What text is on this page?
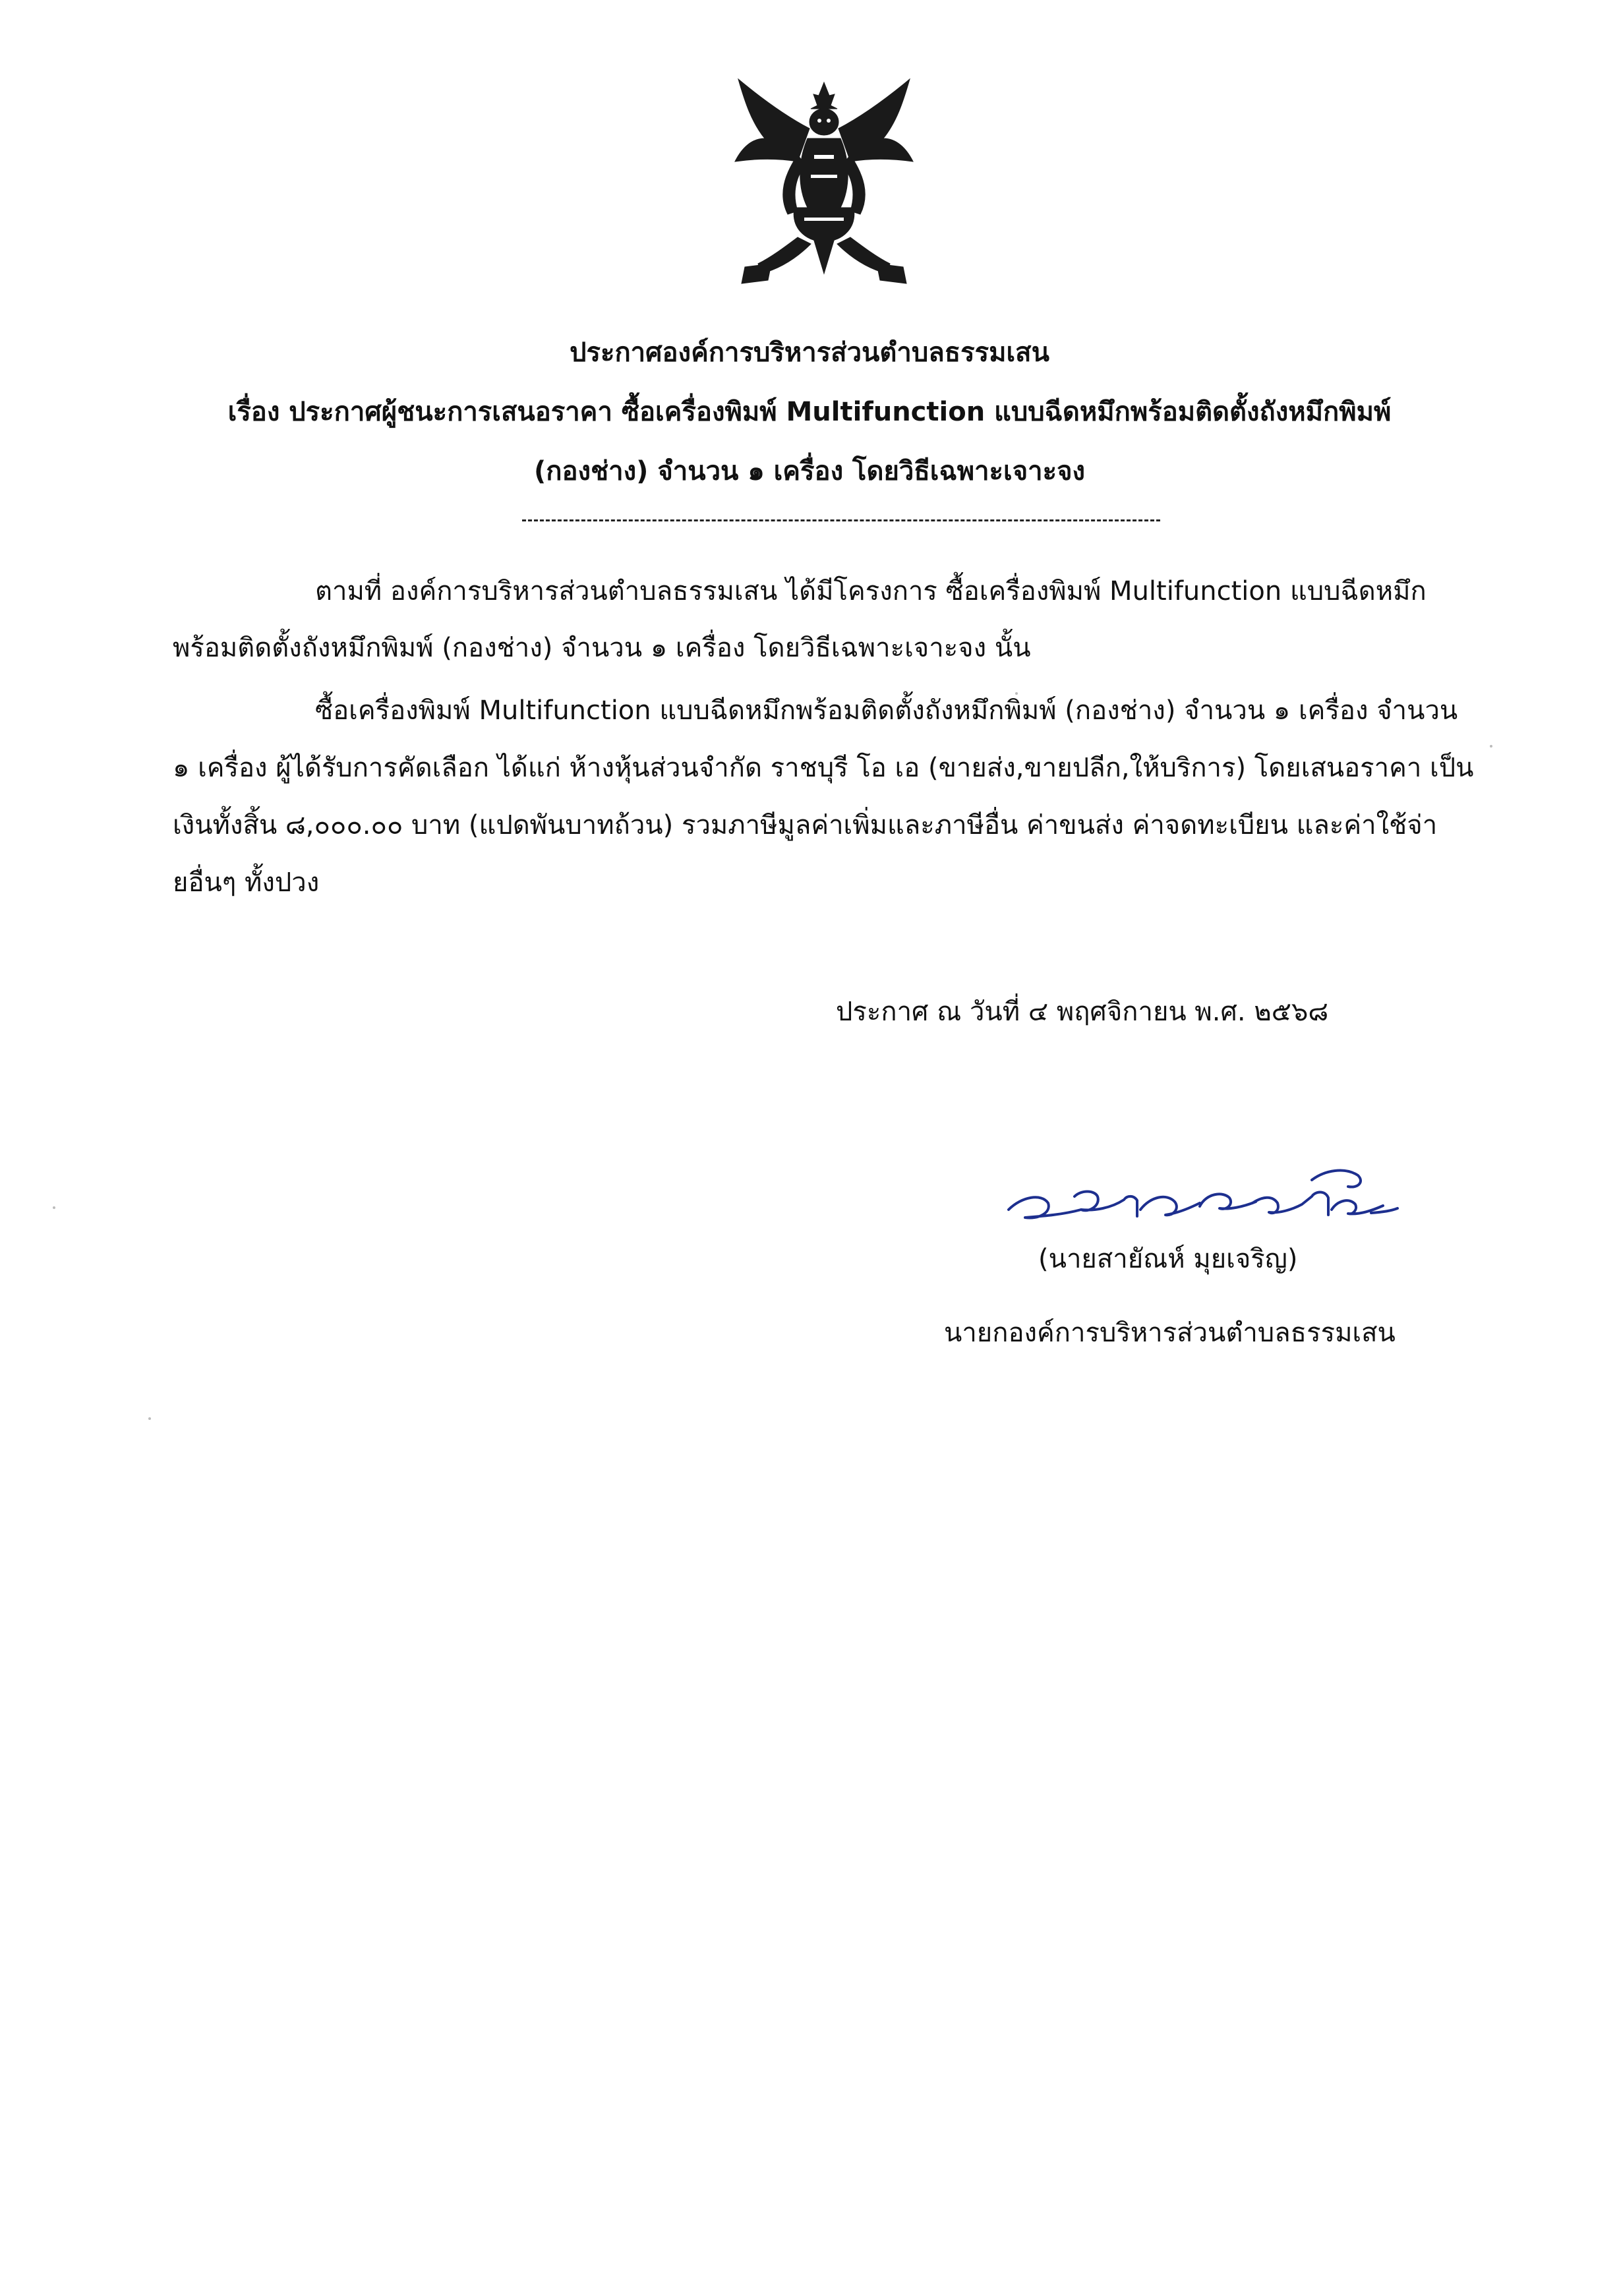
ประกาศองค์การบริหารส่วนตำบลธรรมเสน
เรื่อง ประกาศผู้ชนะการเสนอราคา ซื้อเครื่องพิมพ์ Multifunction แบบฉีดหมึกพร้อมติดตั้งถังหมึกพิมพ์
(กองช่าง) จำนวน ๑ เครื่อง โดยวิธีเฉพาะเจาะจง
ตามที่ องค์การบริหารส่วนตำบลธรรมเสน ได้มีโครงการ ซื้อเครื่องพิมพ์ Multifunction แบบฉีดหมึก
พร้อมติดตั้งถังหมึกพิมพ์ (กองช่าง) จำนวน ๑ เครื่อง โดยวิธีเฉพาะเจาะจง นั้น
ซื้อเครื่องพิมพ์ Multifunction แบบฉีดหมึกพร้อมติดตั้งถังหมึกพิมพ์ (กองช่าง) จำนวน ๑ เครื่อง จำนวน
๑ เครื่อง ผู้ได้รับการคัดเลือก ได้แก่ ห้างหุ้นส่วนจำกัด ราชบุรี โอ เอ (ขายส่ง,ขายปลีก,ให้บริการ) โดยเสนอราคา เป็น
เงินทั้งสิ้น ๘,๐๐๐.๐๐ บาท (แปดพันบาทถ้วน) รวมภาษีมูลค่าเพิ่มและภาษีอื่น ค่าขนส่ง ค่าจดทะเบียน และค่าใช้จ่า
ยอื่นๆ ทั้งปวง
ประกาศ ณ วันที่ ๔ พฤศจิกายน พ.ศ. ๒๕๖๘
(นายสายัณห์ มุยเจริญ)
นายกองค์การบริหารส่วนตำบลธรรมเสน
